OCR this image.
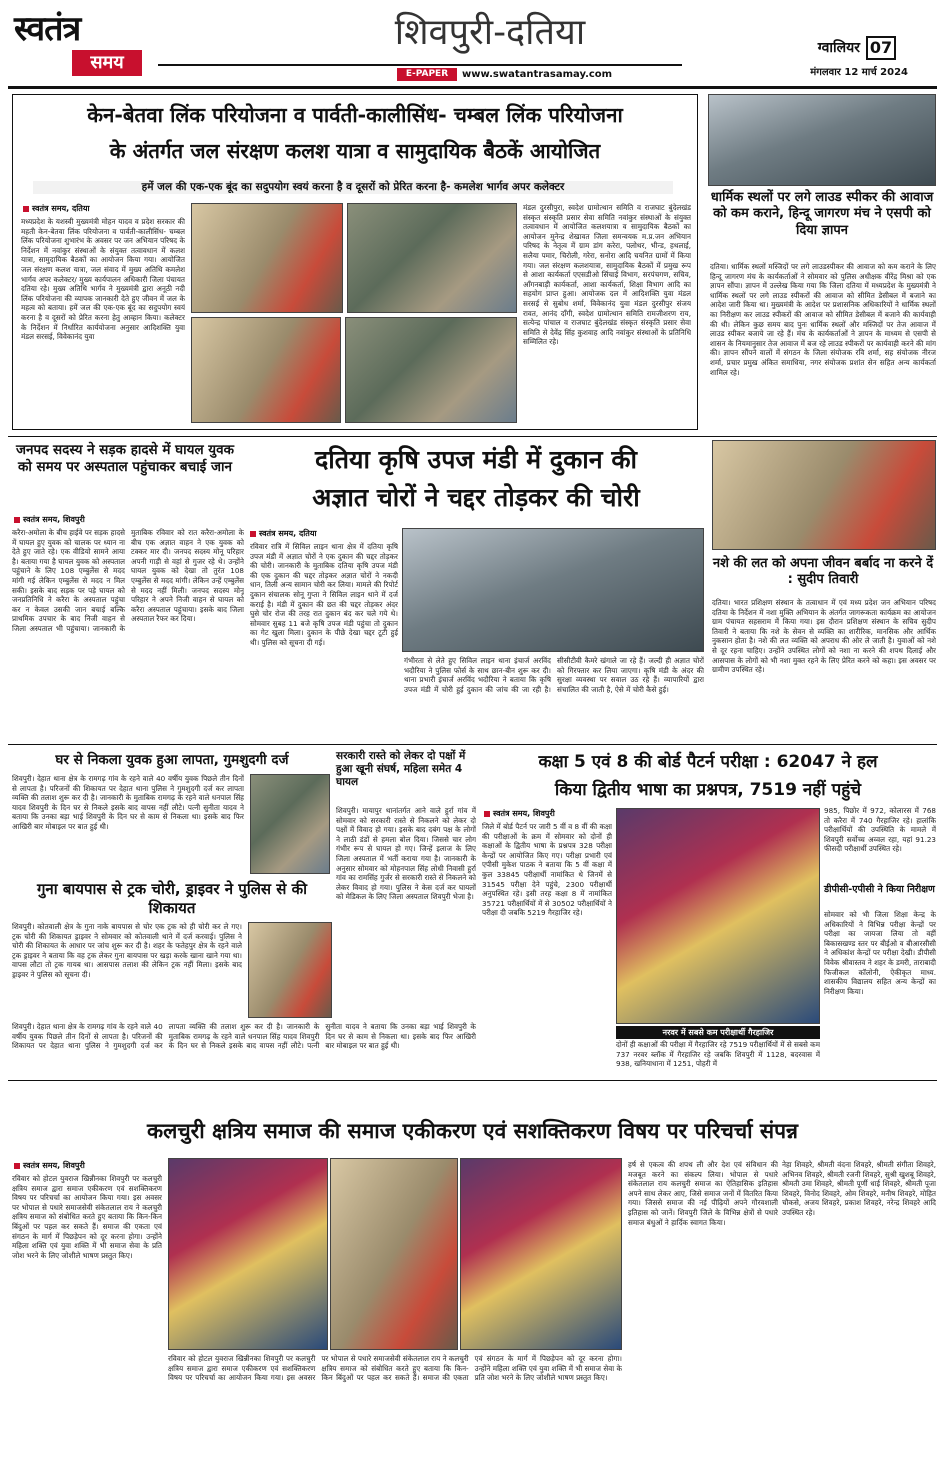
स्वतंत्र
समय
शिवपुरी-दतिया
E-PAPER	www.swatantrasamay.com
ग्वालियर 07
मंगलवार 12 मार्च 2024
केन-बेतवा लिंक परियोजना व पार्वती-कालीसिंध- चम्बल लिंक परियोजना
के अंतर्गत जल संरक्षण कलश यात्रा व सामुदायिक बैठकें आयोजित
हमें जल की एक-एक बूंद का सदुपयोग स्वयं करना है व दूसरों को प्रेरित करना है- कमलेश भार्गव अपर कलेक्टर
स्वतंत्र समय, दतिया
मध्यप्रदेश के यशस्वी मुख्यमंत्री मोहन यादव व प्रदेश सरकार की महती केन-बेतवा लिंक परियोजना व पार्वती-कालीसिंध- चम्बल लिंक परियोजना शुभारंभ के अवसर पर जन अभियान परिषद के निर्देशन में नवांकुर संस्थाओं के संयुक्त तत्वावधान में कलश यात्रा, सामुदायिक बैठकों का आयोजन किया गया। आयोजित जल संरक्षण कलश यात्रा, जल संवाद में मुख्य अतिथि कमलेश भार्गव अपर कलेक्टर/ मुख्य कार्यपालन अधिकारी जिला पंचायत दतिया रहे। मुख्य अतिथि भार्गव ने मुख्यमंत्री द्वारा अनूठी नदी लिंक परियोजना की व्यापक जानकारी देते हुए जीवन में जल के महत्व को बताया। हमें जल की एक-एक बूंद का सदुपयोग स्वयं करना है व दूसरों को प्रेरित करना हेतु आव्हान किया। कलेक्टर के निर्देशन में निर्धारित कार्ययोजना अनुसार आदिशक्ति युवा मंडल सरसई, विवेकानंद युवा
मंडल दुरसीपुरा, स्वदेश ग्रामोत्थान समिति व राजघाट बुंदेलखंड संस्कृत संस्कृति प्रसार सेवा समिति नवांकुर संस्थाओं के संयुक्त तत्वावधान में आयोजित कलशयात्रा व सामुदायिक बैठकों का आयोजन मुनेन्द्र शेखावत जिला समन्वयक म.प्र.जन अभियान परिषद के नेतृत्व में ग्राम डांग करेरा, पलोथर, भीन्ड, हथलाई, सलैया पमार, चिरोली, गरेरा, सनोरा आदि चयनित ग्रामों में किया गया। जल संरक्षण कलशयात्रा, सामुदायिक बैठकों में प्रमुख रूप से आशा कार्यकर्ता एएसडीओ सिंचाई विभाग, सरपंचगण, सचिव, आँगनबाड़ी कार्यकर्ता, आशा कार्यकर्ता, शिक्षा विभाग आदि का सहयोग प्राप्त हुआ। आयोजक दल में आदिशक्ति युवा मंडल सरसई से सुबोध शर्मा, विवेकानंद युवा मंडल दुरसीपुर संजय रावत, आनंद दाँगी, स्वदेश ग्रामोत्थान समिति रामजीशरण राय, सत्येन्द्र पांचाल व राजघाट बुंदेलखंड संस्कृत संस्कृति प्रसार सेवा समिति से देवेंद्र सिंह कुशवाह आदि नवांकुर संस्थाओं के प्रतिनिधि सम्मिलित रहे।
धार्मिक स्थलों पर लगे लाउड स्पीकर की आवाज को कम कराने, हिन्दू जागरण मंच ने एसपी को दिया ज्ञापन
दतिया। धार्मिक स्थलों मस्जिदों पर लगे लाउडस्पीकर की आवाज को कम कराने के लिए हिन्दू जागरण मंच के कार्यकर्ताओं ने सोमवार को पुलिस अधीक्षक वीरेंद्र मिश्रा को एक ज्ञापन सौंपा। ज्ञापन में उल्लेख किया गया कि जिला दतिया में मध्यप्रदेश के मुख्यमंत्री ने धार्मिक स्थलों पर लगे लाउड स्पीकरों की आवाज को सीमित डेसीबल में बजाने का आदेश जारी किया था। मुख्यमंत्री के आदेश पर प्रशासनिक अधिकारियों ने धार्मिक स्थलों का निरीक्षण कर लाउड स्पीकरों की आवाज को सीमित डेसीबल में बजाने की कार्यवाही की थी। लेकिन कुछ समय बाद पुनः धार्मिक स्थलों और मस्जिदों पर तेज आवाज में लाउड स्पीकर बजाये जा रहे हैं। मंच के कार्यकर्ताओं ने ज्ञापन के माध्यम से एसपी से शासन के नियमानुसार तेज आवाज में बज रहे लाउड स्पीकरों पर कार्यवाही करने की मांग की। ज्ञापन सौंपने वालों में संगठन के जिला संयोजक रवि शर्मा, सह संयोजक नीरज शर्मा, प्रचार प्रमुख अंकित समाधिया, नगर संयोजक प्रशांत सेन सहित अन्य कार्यकर्ता शामिल रहे।
जनपद सदस्य ने सड़क हादसे में घायल युवक को समय पर अस्पताल पहुंचाकर बचाई जान
स्वतंत्र समय, शिवपुरी
करैरा-अमोला के बीच हाईवे पर सड़क हादसे में घायल हुए युवक को चालक पर ध्यान ना देते हुए जाते रहे। एक वीडियो सामने आया है। बताया गया है घायल युवक को अस्पताल पहुंचाने के लिए 108 एम्बुलेंस से मदद मांगी गई लेकिन एम्बुलेंस से मदद न मिल सकी। इसके बाद सड़क पर पड़े घायल को जनप्रतिनिधि ने करैरा के अस्पताल पहुंचा कर न केवल उसकी जान बचाई बल्कि प्राथमिक उपचार के बाद निजी वाहन से जिला अस्पताल भी पहुंचाया। जानकारी के मुताबिक रविवार को रात करैरा-अमोला के बीच एक अज्ञात वाहन ने एक युवक को टक्कर मार दी। जनपद सदस्य मोनू परिहार अपनी गाड़ी से वहां से गुजर रहे थे। उन्होंने घायल युवक को देखा तो तुरंत 108 एम्बुलेंस से मदद मांगी। लेकिन उन्हें एम्बुलेंस से मदद नहीं मिली। जनपद सदस्य मोनू परिहार ने अपने निजी वाहन से घायल को करैरा अस्पताल पहुंचाया। इसके बाद जिला अस्पताल रैफर कर दिया।
दतिया कृषि उपज मंडी में दुकान की
अज्ञात चोरों ने चद्दर तोड़कर की चोरी
स्वतंत्र समय, दतिया
रविवार रात्रि में सिविल लाइन थाना क्षेत्र में दतिया कृषि उपज मंडी में अज्ञात चोरों ने एक दुकान की चद्दर तोड़कर की चोरी। जानकारी के मुताबिक दतिया कृषि उपज मंडी की एक दुकान की चद्दर तोड़कर अज्ञात चोरों ने नकदी धान, तिली अन्य सामान चोरी कर लिया। मामले की रिपोर्ट दुकान संचालक सोनू गुप्ता ने सिविल लाइन थाने में दर्ज कराई है। मंडी में दुकान की छत की चद्दर तोड़कर अंदर घुसे चोर रोज की तरह रात दुकान बंद कर चले गये थे। सोमवार सुबह 11 बजे कृषि उपज मंडी पहुंचा तो दुकान का गेट खुला मिला। दुकान के पीछे देखा चद्दर टूटी हुई थी। पुलिस को सूचना दी गई।
गंभीरता से लेते हुए सिविल लाइन थाना इंचार्ज अरविंद भदौरिया ने पुलिस फोर्स के साथ छान-बीन शुरू कर दी। थाना प्रभारी इंचार्ज अरविंद भदौरिया ने बताया कि कृषि उपज मंडी में चोरी हुई दुकान की जांच की जा रही है। सीसीटीवी कैमरे खंगाले जा रहे हैं। जल्दी ही अज्ञात चोरों को गिरफ्तार कर लिया जाएगा। कृषि मंडी के अंदर की सुरक्षा व्यवस्था पर सवाल उठ रहे हैं। व्यापारियों द्वारा संचालित की जाती है, ऐसे में चोरी कैसे हुई।
नशे की लत को अपना जीवन बर्बाद ना करने दें : सुदीप तिवारी
दतिया। भारत प्रशिक्षण संस्थान के तत्वाधान में एवं मध्य प्रदेश जन अभियान परिषद दतिया के निर्देशन में नशा मुक्ति अभियान के अंतर्गत जागरूकता कार्यक्रम का आयोजन ग्राम पंचायत सहसराम में किया गया। इस दौरान प्रशिक्षण संस्थान के सचिव सुदीप तिवारी ने बताया कि नशे के सेवन से व्यक्ति का शारीरिक, मानसिक और आर्थिक नुकसान होता है। नशे की लत व्यक्ति को अपराध की ओर ले जाती है। युवाओं को नशे से दूर रहना चाहिए। उन्होंने उपस्थित लोगों को नशा ना करने की शपथ दिलाई और आसपास के लोगों को भी नशा मुक्त रहने के लिए प्रेरित करने को कहा। इस अवसर पर ग्रामीण उपस्थित रहे।
घर से निकला युवक हुआ लापता, गुमशुदगी दर्ज
शिवपुरी। देहात थाना क्षेत्र के रामगढ़ गांव के रहने वाले 40 वर्षीय युवक पिछले तीन दिनों से लापता है। परिजनों की शिकायत पर देहात थाना पुलिस ने गुमशुदगी दर्ज कर लापता व्यक्ति की तलाश शुरू कर दी है। जानकारी के मुताबिक रामगढ़ के रहने वाले धनपाल सिंह यादव शिवपुरी के दिन घर से निकले इसके बाद वापस नहीं लौटे। पत्नी सुनीता यादव ने बताया कि उनका बड़ा भाई शिवपुरी के दिन घर से काम से निकला था। इसके बाद फिर आखिरी बार मोबाइल पर बात हुई थी।
गुना बायपास से ट्रक चोरी, ड्राइवर ने पुलिस से की शिकायत
शिवपुरी। कोतवाली क्षेत्र के गुना नाके बायपास से चोर एक ट्रक को ही चोरी कर ले गए। ट्रक चोरी की शिकायत ड्राइवर ने सोमवार को कोतवाली थाने में दर्ज करवाई। पुलिस ने चोरी की शिकायत के आधार पर जांच शुरू कर दी है। शहर के फतेहपुर क्षेत्र के रहने वाले ट्रक ड्राइवर ने बताया कि वह ट्रक लेकर गुना बायपास पर खड़ा करके खाना खाने गया था। वापस लौटा तो ट्रक गायब था। आसपास तलाश की लेकिन ट्रक नहीं मिला। इसके बाद ड्राइवर ने पुलिस को सूचना दी।
सरकारी रास्ते को लेकर दो पक्षों में हुआ खूनी संघर्ष, महिला समेत 4 घायल
शिवपुरी। मायापुर थानांतर्गत आने वाले हुर्रा गांव में सोमवार को सरकारी रास्ते से निकलने को लेकर दो पक्षों में विवाद हो गया। इसके बाद दबंग पक्ष के लोगों ने लाठी डंडों से हमला बोल दिया। जिससे चार लोग गंभीर रूप से घायल हो गए। जिन्हें इलाज के लिए जिला अस्पताल में भर्ती कराया गया है। जानकारी के अनुसार सोमवार को मोहनपाल सिंह लोधी निवासी हुर्रा गांव का रामसिंह गुर्जर से सरकारी रास्ते से निकलने को लेकर विवाद हो गया। पुलिस ने केस दर्ज कर घायलों को मेडिकल के लिए जिला अस्पताल शिवपुरी भेजा है।
कक्षा 5 एवं 8 की बोर्ड पैटर्न परीक्षा : 62047 ने हल
किया द्वितीय भाषा का प्रश्नपत्र, 7519 नहीं पहुंचे
स्वतंत्र समय, शिवपुरी
जिले में बोर्ड पैटर्न पर जारी 5 वीं व 8 वीं की कक्षा की परीक्षाओं के क्रम में सोमवार को दोनों ही कक्षाओं के द्वितीय भाषा के प्रश्नपत्र 328 परीक्षा केन्द्रों पर आयोजित किए गए। परीक्षा प्रभारी एवं एपीसी मुकेश पाठक ने बताया कि 5 वीं कक्षा में कुल 33845 परीक्षार्थी नामांकित थे जिनमें से 31545 परीक्षा देने पहुंचे, 2300 परीक्षार्थी अनुपस्थित रहे। इसी तरह कक्षा 8 में नामांकित 35721 परीक्षार्थियों में से 30502 परीक्षार्थियों ने परीक्षा दी जबकि 5219 गैरहाजिर रहे।
नरवर में सबसे कम परीक्षार्थी गैरहाजिर
दोनों ही कक्षाओं की परीक्षा में गैरहाजिर रहे 7519 परीक्षार्थियों में से सबसे कम 737 नरवर ब्लॉक में गैरहाजिर रहे जबकि शिवपुरी में 1128, बदरवास में 938, खनियाधाना में 1251, पोहरी में
985, पिछोर में 972, कोलारस में 768 तो करैरा में 740 गैरहाजिर रहे। हालांकि परीक्षार्थियों की उपस्थिति के मामले में शिवपुरी सर्वोच्च अव्वल रहा, यहां 91.23 फीसदी परीक्षार्थी उपस्थित रहे।
डीपीसी-एपीसी ने किया निरीक्षण
सोमवार को भी जिला शिक्षा केन्द्र के अधिकारियों ने विभिन्न परीक्षा केन्द्रों पर परीक्षा का जायजा लिया तो वहीं बिकासखण्ड स्तर पर बीईओ व बीआरसीसी ने अधिकांश केन्द्रों पर परीक्षा देखी। डीपीसी विवेक श्रीवास्तव ने शहर के डमरी, ताराबादी फिजीकल कॉलोनी, ऐकीकृत माध्य. शासकीय विद्यालय सहित अन्य केन्द्रों का निरीक्षण किया।
शिवपुरी। देहात थाना क्षेत्र के रामगढ़ गांव के रहने वाले 40 वर्षीय युवक पिछले तीन दिनों से लापता है। परिजनों की शिकायत पर देहात थाना पुलिस ने गुमशुदगी दर्ज कर लापता व्यक्ति की तलाश शुरू कर दी है। जानकारी के मुताबिक रामगढ़ के रहने वाले धनपाल सिंह यादव शिवपुरी के दिन घर से निकले इसके बाद वापस नहीं लौटे। पत्नी सुनीता यादव ने बताया कि उनका बड़ा भाई शिवपुरी के दिन घर से काम से निकला था। इसके बाद फिर आखिरी बार मोबाइल पर बात हुई थी।
कलचुरी क्षत्रिय समाज की समाज एकीकरण एवं सशक्तिकरण विषय पर परिचर्चा संपन्न
स्वतंत्र समय, शिवपुरी
रविवार को होटल युवराज खिन्नीनका शिवपुरी पर कलचुरी क्षत्रिय समाज द्वारा समाज एकीकरण एवं सशक्तिकरण विषय पर परिचर्चा का आयोजन किया गया। इस अवसर पर भोपाल से पधारे समाजसेवी संकेतलाल राय ने कलचुरी क्षत्रिय समाज को संबोधित करते हुए बताया कि किन-किन बिंदुओं पर पहल कर सकते हैं। समाज की एकता एवं संगठन के मार्ग में पिछड़ेपन को दूर करना होगा। उन्होंने महिला शक्ति एवं युवा शक्ति में भी समाज सेवा के प्रति जोश भरने के लिए जोशीले भाषण प्रस्तुत किए।
रविवार को होटल युवराज खिन्नीनका शिवपुरी पर कलचुरी क्षत्रिय समाज द्वारा समाज एकीकरण एवं सशक्तिकरण विषय पर परिचर्चा का आयोजन किया गया। इस अवसर पर भोपाल से पधारे समाजसेवी संकेतलाल राय ने कलचुरी क्षत्रिय समाज को संबोधित करते हुए बताया कि किन-किन बिंदुओं पर पहल कर सकते हैं। समाज की एकता एवं संगठन के मार्ग में पिछड़ेपन को दूर करना होगा। उन्होंने महिला शक्ति एवं युवा शक्ति में भी समाज सेवा के प्रति जोश भरने के लिए जोशीले भाषण प्रस्तुत किए।
हर्ष से एकत्व की शपथ ली और देश एवं संविधान की मजबूत करने का संकल्प लिया। भोपाल से पधारे संकेतलाल राय कलचुरी समाज का ऐतिहासिक इतिहास अपने साथ लेकर आए, जिसे समाज जनों में वितरित किया गया। जिससे समाज की नई पीढ़ियों अपने गौरवशाली इतिहास को जानें। शिवपुरी जिले के विभिन्न क्षेत्रों से पधारे समाज बंधुओं ने हार्दिक स्वागत किया।
नेहा शिवहरे, श्रीमती वंदना शिवहरे, श्रीमती संगीता शिवहरे, अभिनव शिवहरे, श्रीमती रजनी शिवहरे, सुश्री खुशबू शिवहरे, श्रीमती उमा शिवहरे, श्रीमती पूर्णी धाई शिवहरे, श्रीमती पूजा शिवहरे, विनोद शिवहरे, ओम शिवहरे, मनीष शिवहरे, मोहित चौकसे, अजय शिवहरे, प्रकाश शिवहरे, नरेन्द्र शिवहरे आदि उपस्थित रहे।
